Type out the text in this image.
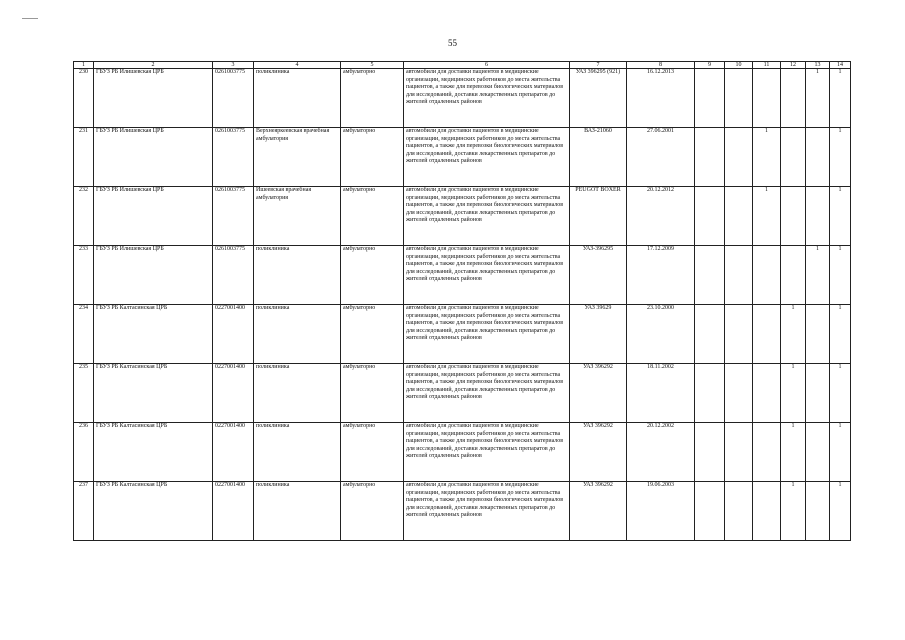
55
1	2	3	4	5	6	7	8	9	10	11	12	13	14
230	ГБУЗ РБ Илишевская ЦРБ	0261003775	поликлиника	амбулаторно	автомобили для доставки пациентов в медицинские организации, медицинских работников до места жительства пациентов, а также для перевозки биологических материалов для исследований, доставки лекарственных препаратов до жителей отдаленных районов	УАЗ 396295 (921)	16.12.2013					1	1
231	ГБУЗ РБ Илишевская ЦРБ	0261003775	Верхнеяркеевская врачебная амбулатория	амбулаторно	автомобили для доставки пациентов в медицинские организации, медицинских работников до места жительства пациентов, а также для перевозки биологических материалов для исследований, доставки лекарственных препаратов до жителей отдаленных районов	ВАЗ-21060	27.06.2001			1			1
232	ГБУЗ РБ Илишевская ЦРБ	0261003775	Ишеевская врачебная амбулатория	амбулаторно	автомобили для доставки пациентов в медицинские организации, медицинских работников до места жительства пациентов, а также для перевозки биологических материалов для исследований, доставки лекарственных препаратов до жителей отдаленных районов	PEUGOT BOXER	20.12.2012			1			1
233	ГБУЗ РБ Илишевская ЦРБ	0261003775	поликлиника	амбулаторно	автомобили для доставки пациентов в медицинские организации, медицинских работников до места жительства пациентов, а также для перевозки биологических материалов для исследований, доставки лекарственных препаратов до жителей отдаленных районов	УАЗ-396295	17.12.2009					1	1
234	ГБУЗ РБ Калтасинская ЦРБ	0227001400	поликлиника	амбулаторно	автомобили для доставки пациентов в медицинские организации, медицинских работников до места жительства пациентов, а также для перевозки биологических материалов для исследований, доставки лекарственных препаратов до жителей отдаленных районов	УАЗ 39629	23.10.2000				1		1
235	ГБУЗ РБ Калтасинская ЦРБ	0227001400	поликлиника	амбулаторно	автомобили для доставки пациентов в медицинские организации, медицинских работников до места жительства пациентов, а также для перевозки биологических материалов для исследований, доставки лекарственных препаратов до жителей отдаленных районов	УАЗ 396292	18.11.2002				1		1
236	ГБУЗ РБ Калтасинская ЦРБ	0227001400	поликлиника	амбулаторно	автомобили для доставки пациентов в медицинские организации, медицинских работников до места жительства пациентов, а также для перевозки биологических материалов для исследований, доставки лекарственных препаратов до жителей отдаленных районов	УАЗ 396292	20.12.2002				1		1
237	ГБУЗ РБ Калтасинская ЦРБ	0227001400	поликлиника	амбулаторно	автомобили для доставки пациентов в медицинские организации, медицинских работников до места жительства пациентов, а также для перевозки биологических материалов для исследований, доставки лекарственных препаратов до жителей отдаленных районов	УАЗ 396292	19.06.2003				1		1
